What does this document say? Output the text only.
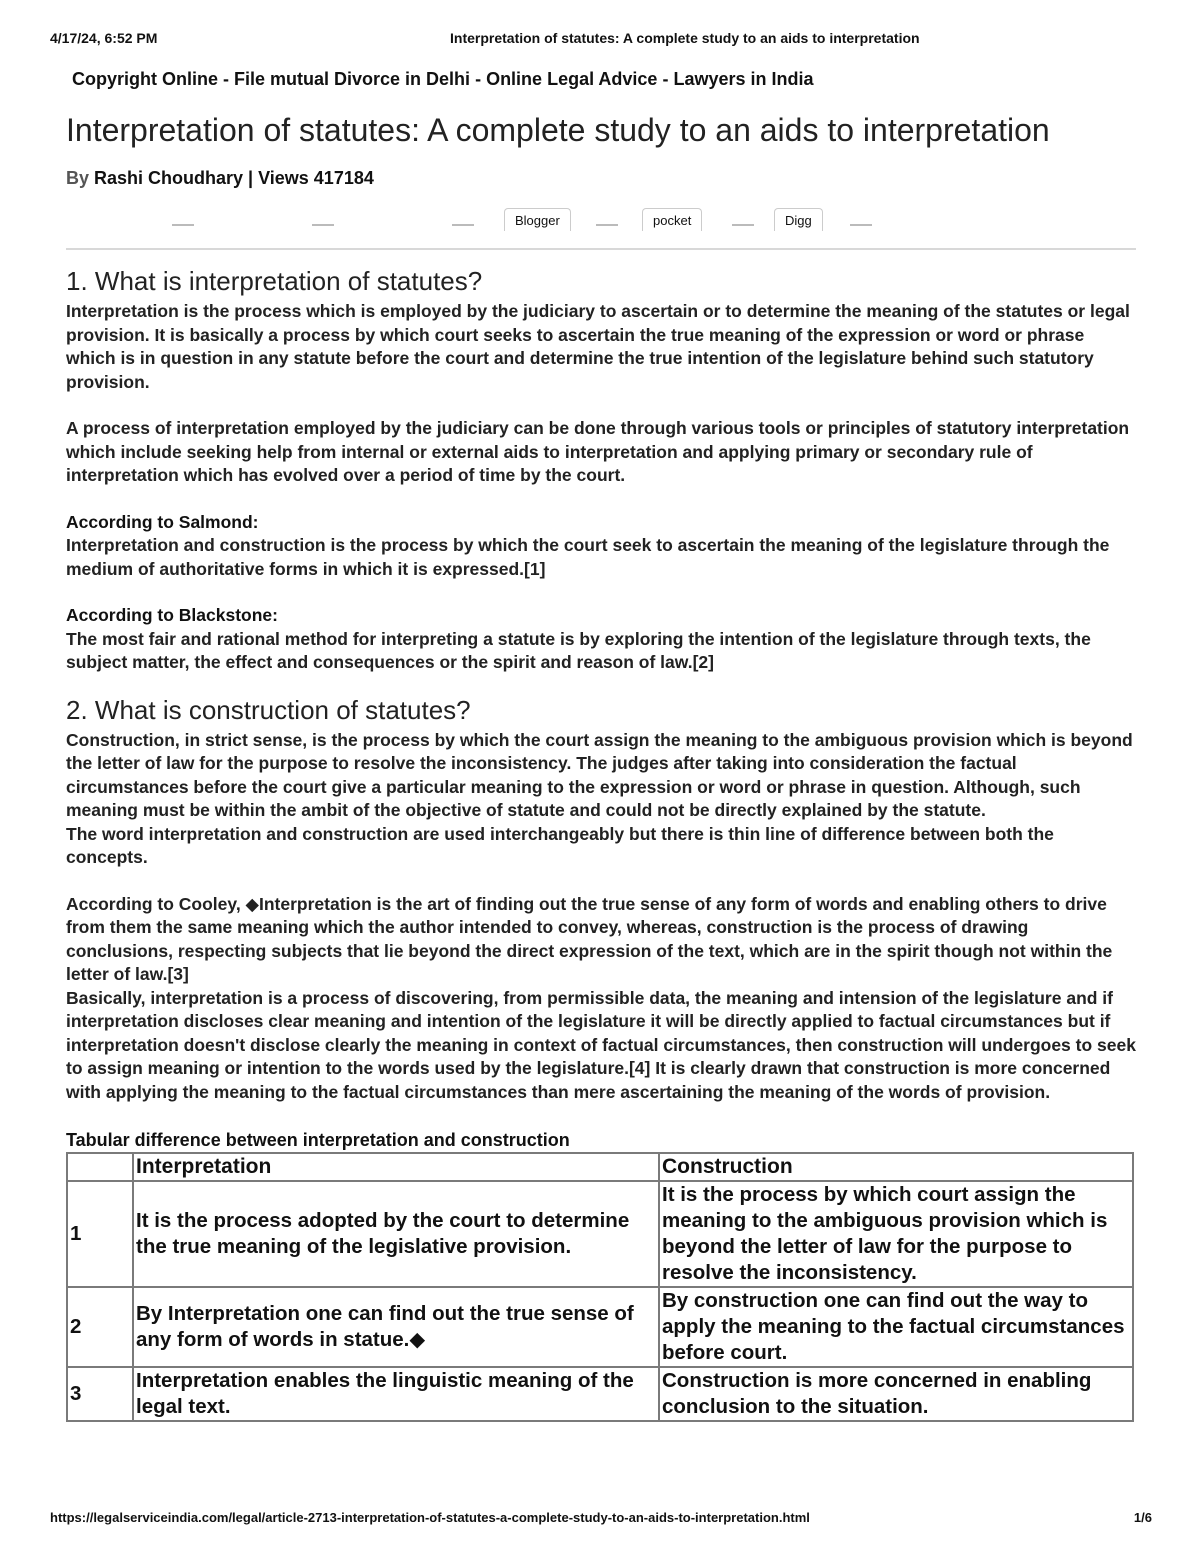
4/17/24, 6:52 PM	Interpretation of statutes: A complete study to an aids to interpretation
Copyright Online - File mutual Divorce in Delhi - Online Legal Advice - Lawyers in India
Interpretation of statutes: A complete study to an aids to interpretation
By Rashi Choudhary | Views 417184
Blogger	pocket	Digg
1. What is interpretation of statutes?

Interpretation is the process which is employed by the judiciary to ascertain or to determine the meaning of the statutes or legal provision. It is basically a process by which court seeks to ascertain the true meaning of the expression or word or phrase which is in question in any statute before the court and determine the true intention of the legislature behind such statutory provision.

A process of interpretation employed by the judiciary can be done through various tools or principles of statutory interpretation which include seeking help from internal or external aids to interpretation and applying primary or secondary rule of interpretation which has evolved over a period of time by the court.

According to Salmond:

Interpretation and construction is the process by which the court seek to ascertain the meaning of the legislature through the medium of authoritative forms in which it is expressed.[1]

According to Blackstone:

The most fair and rational method for interpreting a statute is by exploring the intention of the legislature through texts, the subject matter, the effect and consequences or the spirit and reason of law.[2]

2. What is construction of statutes?

Construction, in strict sense, is the process by which the court assign the meaning to the ambiguous provision which is beyond the letter of law for the purpose to resolve the inconsistency. The judges after taking into consideration the factual circumstances before the court give a particular meaning to the expression or word or phrase in question. Although, such meaning must be within the ambit of the objective of statute and could not be directly explained by the statute.

The word interpretation and construction are used interchangeably but there is thin line of difference between both the concepts.

According to Cooley, ◆Interpretation is the art of finding out the true sense of any form of words and enabling others to drive from them the same meaning which the author intended to convey, whereas, construction is the process of drawing conclusions, respecting subjects that lie beyond the direct expression of the text, which are in the spirit though not within the letter of law.[3]

Basically, interpretation is a process of discovering, from permissible data, the meaning and intension of the legislature and if interpretation discloses clear meaning and intention of the legislature it will be directly applied to factual circumstances but if interpretation doesn't disclose clearly the meaning in context of factual circumstances, then construction will undergoes to seek to assign meaning or intention to the words used by the legislature.[4] It is clearly drawn that construction is more concerned with applying the meaning to the factual circumstances than mere ascertaining the meaning of the words of provision.

Tabular difference between interpretation and construction
	Interpretation	Construction
1	It is the process adopted by the court to determine the true meaning of the legislative provision.	It is the process by which court assign the meaning to the ambiguous provision which is beyond the letter of law for the purpose to resolve the inconsistency.
2	By Interpretation one can find out the true sense of any form of words in statue.◆	By construction one can find out the way to apply the meaning to the factual circumstances before court.
3	Interpretation enables the linguistic meaning of the legal text.	Construction is more concerned in enabling conclusion to the situation.
https://legalserviceindia.com/legal/article-2713-interpretation-of-statutes-a-complete-study-to-an-aids-to-interpretation.html	1/6
